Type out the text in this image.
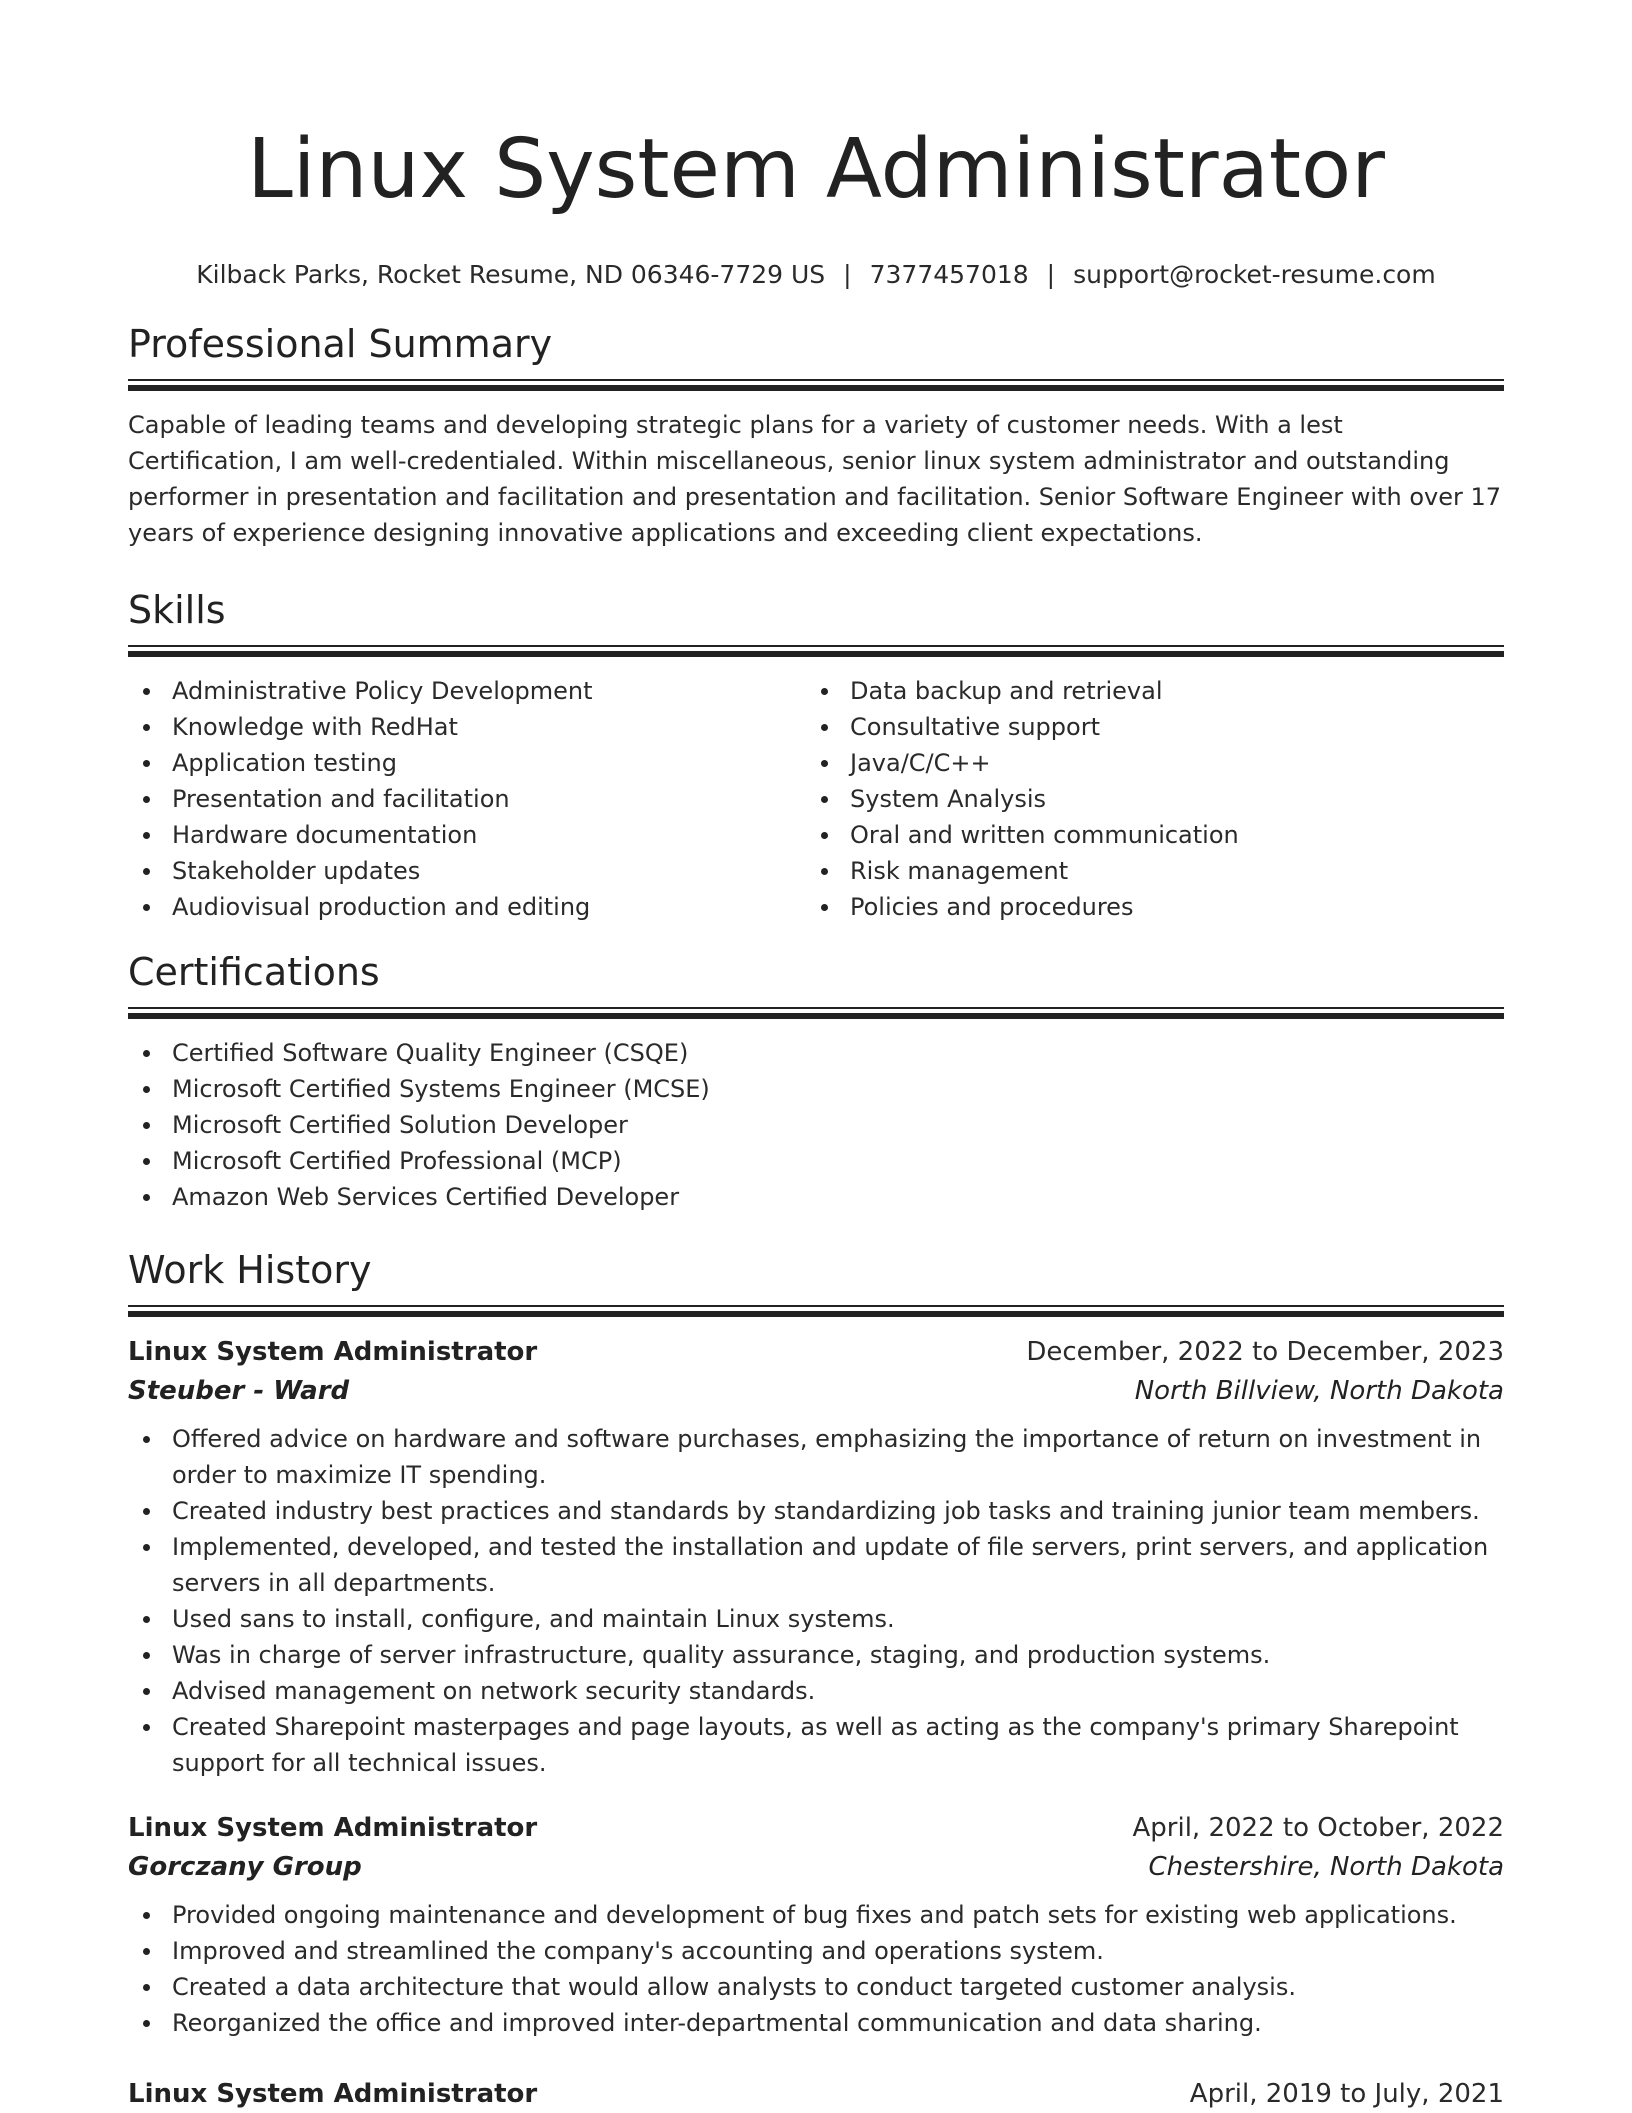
Linux System Administrator
Kilback Parks, Rocket Resume, ND 06346-7729 US | 7377457018 | support@rocket-resume.com
Professional Summary
Capable of leading teams and developing strategic plans for a variety of customer needs. With a lest Certification, I am well-credentialed. Within miscellaneous, senior linux system administrator and outstanding performer in presentation and facilitation and presentation and facilitation. Senior Software Engineer with over 17 years of experience designing innovative applications and exceeding client expectations.
Skills
Administrative Policy Development
Knowledge with RedHat
Application testing
Presentation and facilitation
Hardware documentation
Stakeholder updates
Audiovisual production and editing
Data backup and retrieval
Consultative support
Java/C/C++
System Analysis
Oral and written communication
Risk management
Policies and procedures
Certifications
Certified Software Quality Engineer (CSQE)
Microsoft Certified Systems Engineer (MCSE)
Microsoft Certified Solution Developer
Microsoft Certified Professional (MCP)
Amazon Web Services Certified Developer
Work History
Linux System Administrator	December, 2022 to December, 2023
Steuber - Ward	North Billview, North Dakota
Offered advice on hardware and software purchases, emphasizing the importance of return on investment in order to maximize IT spending.
Created industry best practices and standards by standardizing job tasks and training junior team members.
Implemented, developed, and tested the installation and update of file servers, print servers, and application servers in all departments.
Used sans to install, configure, and maintain Linux systems.
Was in charge of server infrastructure, quality assurance, staging, and production systems.
Advised management on network security standards.
Created Sharepoint masterpages and page layouts, as well as acting as the company's primary Sharepoint support for all technical issues.
Linux System Administrator	April, 2022 to October, 2022
Gorczany Group	Chestershire, North Dakota
Provided ongoing maintenance and development of bug fixes and patch sets for existing web applications.
Improved and streamlined the company's accounting and operations system.
Created a data architecture that would allow analysts to conduct targeted customer analysis.
Reorganized the office and improved inter-departmental communication and data sharing.
Linux System Administrator	April, 2019 to July, 2021
